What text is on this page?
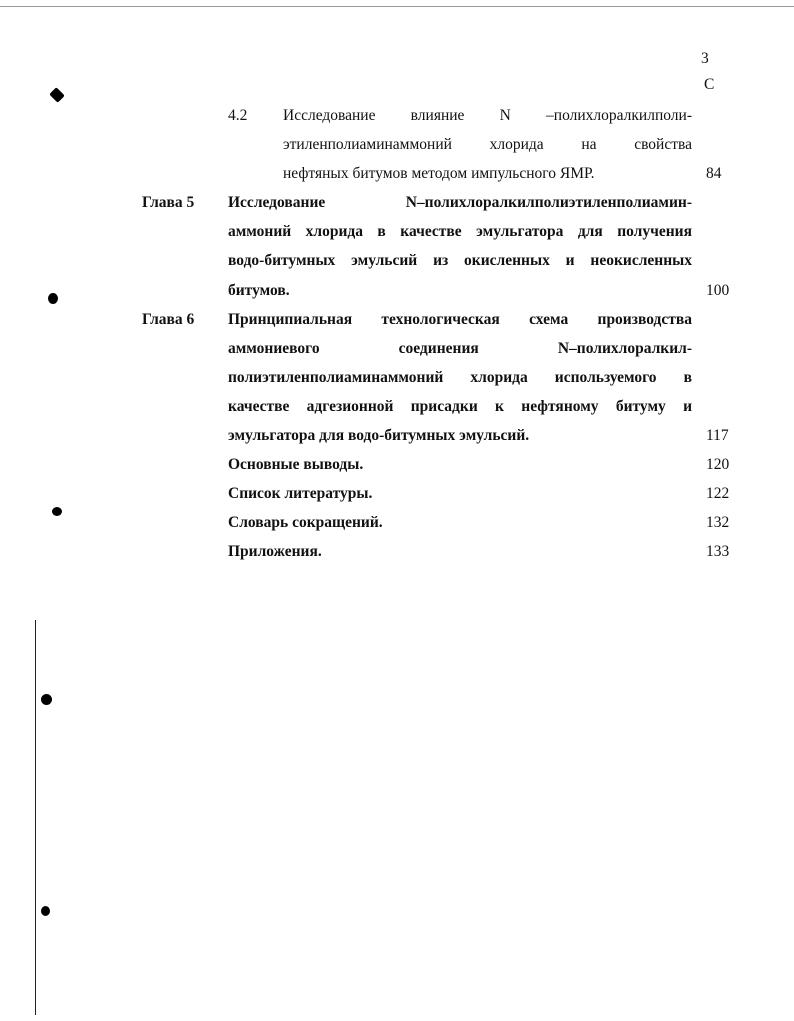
3
С
4.2 Исследование влияние N –полихлоралкилполи-
этиленполиаминаммоний хлорида на свойства
нефтяных битумов методом импульсного ЯМР.	84
Глава 5 Исследование N–полихлоралкилполиэтиленполиамин-
аммоний хлорида в качестве эмульгатора для получения
водо-битумных эмульсий из окисленных и неокисленных
битумов.	100
Глава 6 Принципиальная технологическая схема производства
аммониевого соединения N–полихлоралкил-
полиэтиленполиаминаммоний хлорида используемого в
качестве адгезионной присадки к нефтяному битуму и
эмульгатора для водо-битумных эмульсий.	117
Основные выводы.	120
Список литературы.	122
Словарь сокращений.	132
Приложения.	133
